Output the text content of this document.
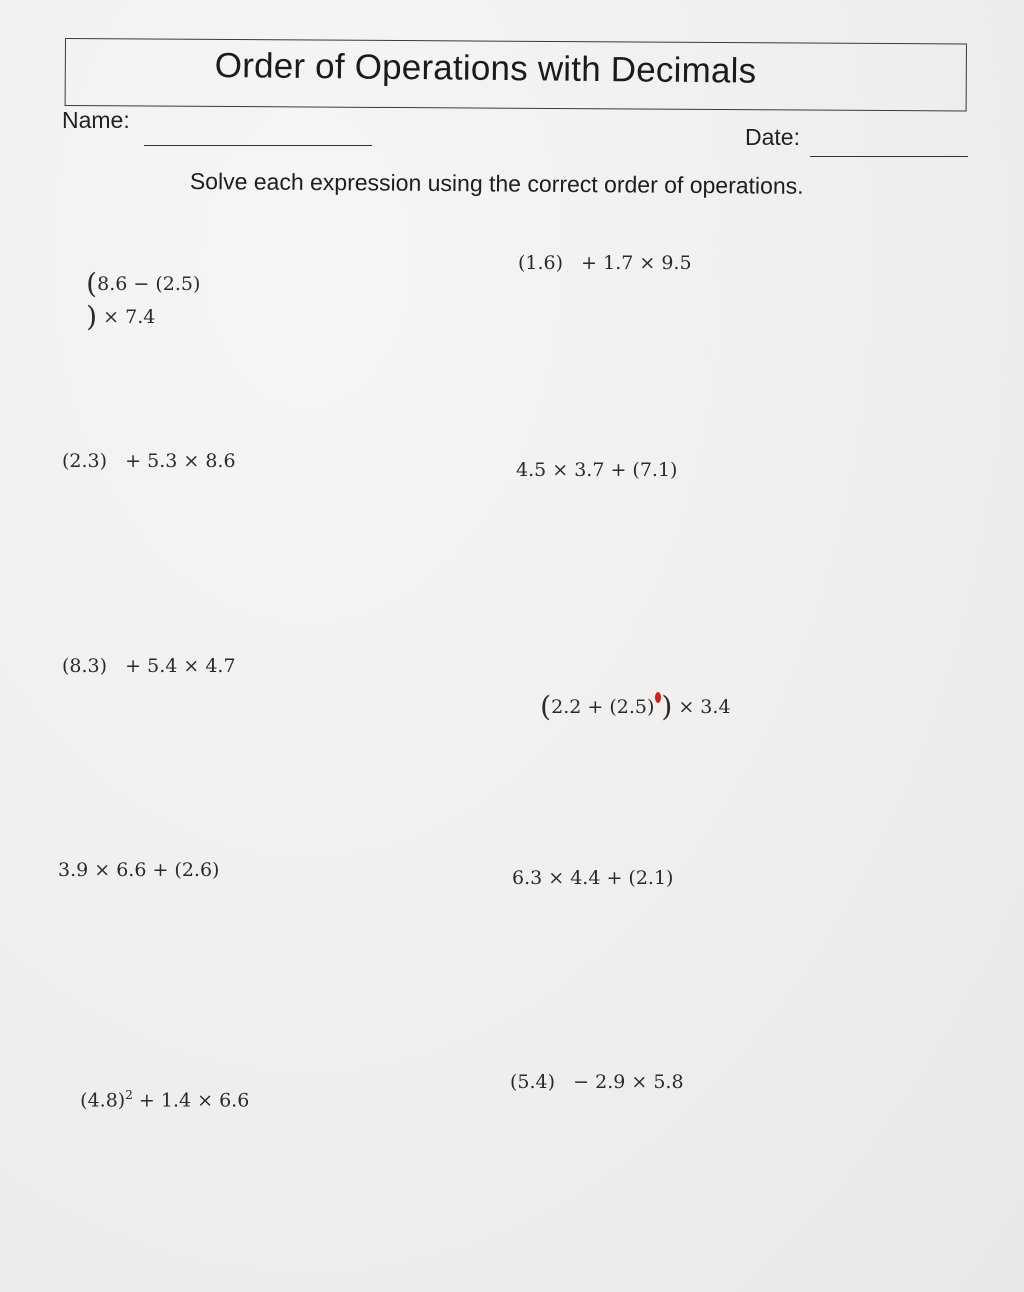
Order of Operations with Decimals
Name:
Date:
Solve each expression using the correct order of operations.

(8.6 − (2.5)
) × 7.4

(1.6)   + 1.7 × 9.5
(2.3)   + 5.3 × 8.6	4.5 × 3.7 + (7.1)
(8.3)   + 5.4 × 4.7

(2.2 + (2.5) ) × 3.4

3.9 × 6.6 + (2.6)	6.3 × 4.4 + (2.1)

$(4.8)^2 + 1.4 \times 6.6$

(5.4)   − 2.9 × 5.8
